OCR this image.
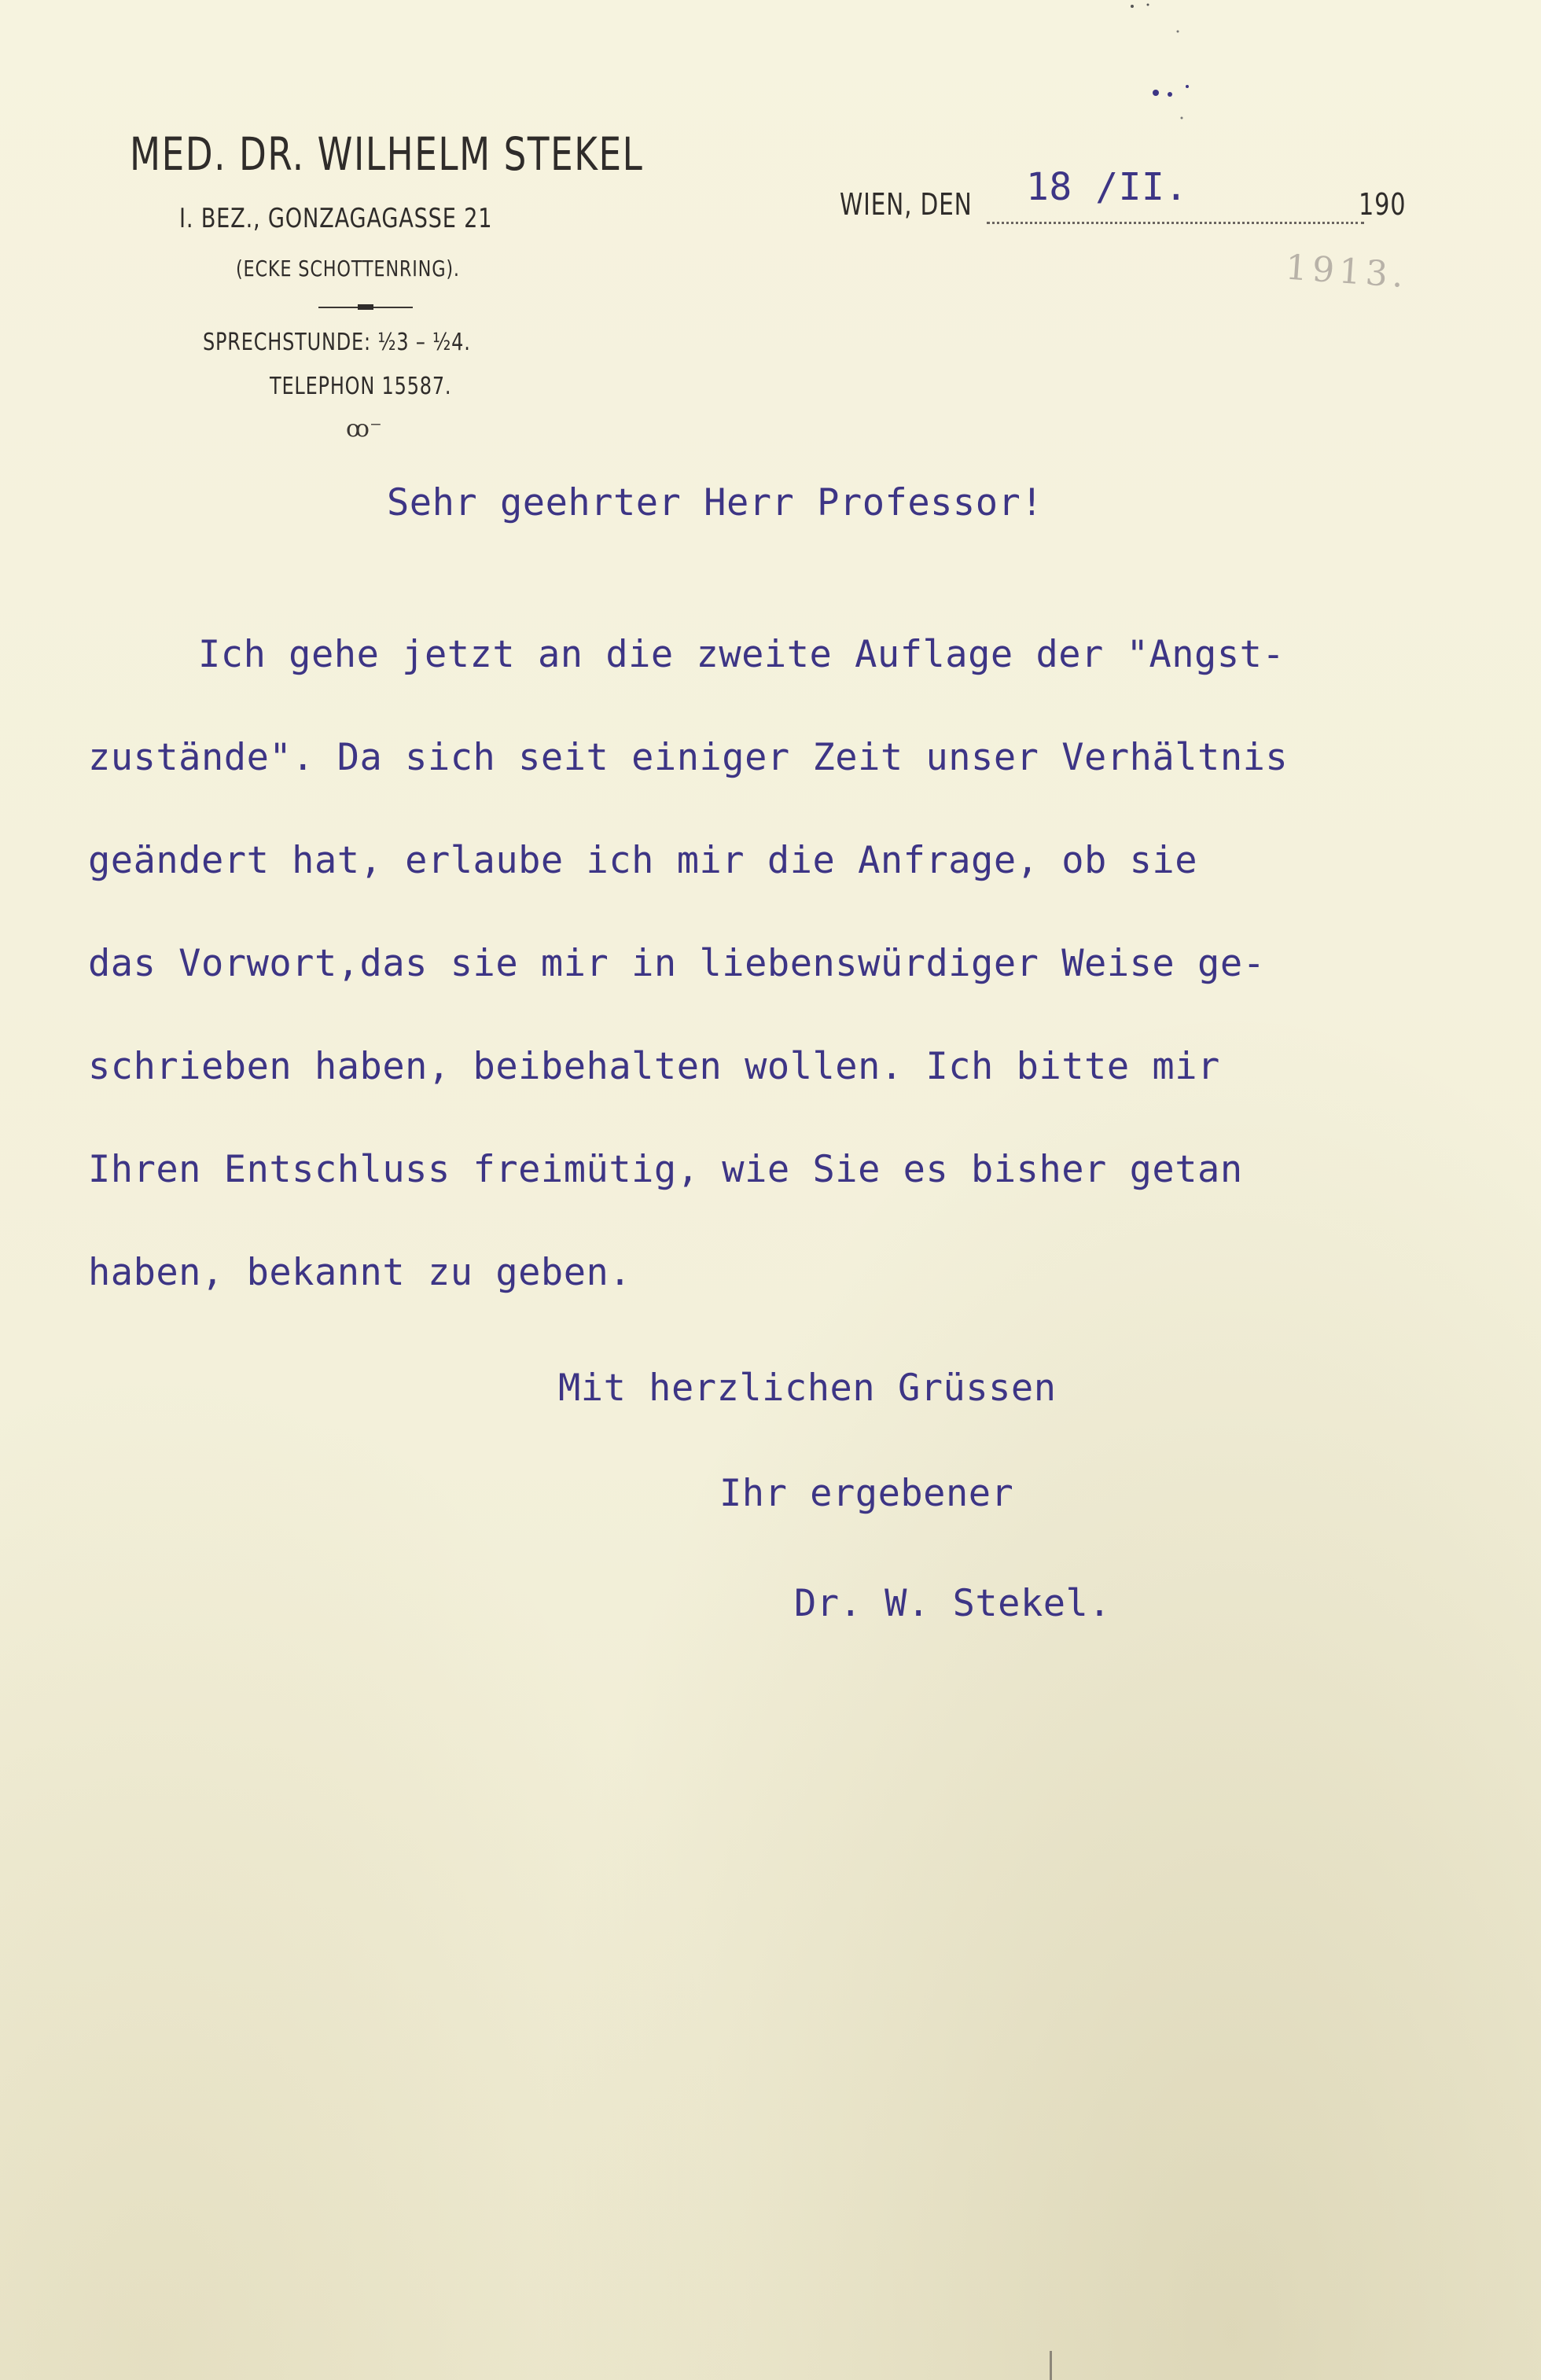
MED. DR. WILHELM STEKEL
I. BEZ., GONZAGAGASSE 21
(ECKE SCHOTTENRING).
SPRECHSTUNDE: ½3 – ½4.
TELEPHON 15587.
ꝏ⁻
WIEN, DEN 18 /II.	190
1913.
Sehr geehrter Herr Professor!
Ich gehe jetzt an die zweite Auflage der "Angst-
zustände". Da sich seit einiger Zeit unser Verhältnis
geändert hat, erlaube ich mir die Anfrage, ob sie
das Vorwort,das sie mir in liebenswürdiger Weise ge-
schrieben haben, beibehalten wollen. Ich bitte mir
Ihren Entschluss freimütig, wie Sie es bisher getan
haben, bekannt zu geben.
Mit herzlichen Grüssen
Ihr ergebener
Dr. W. Stekel.
